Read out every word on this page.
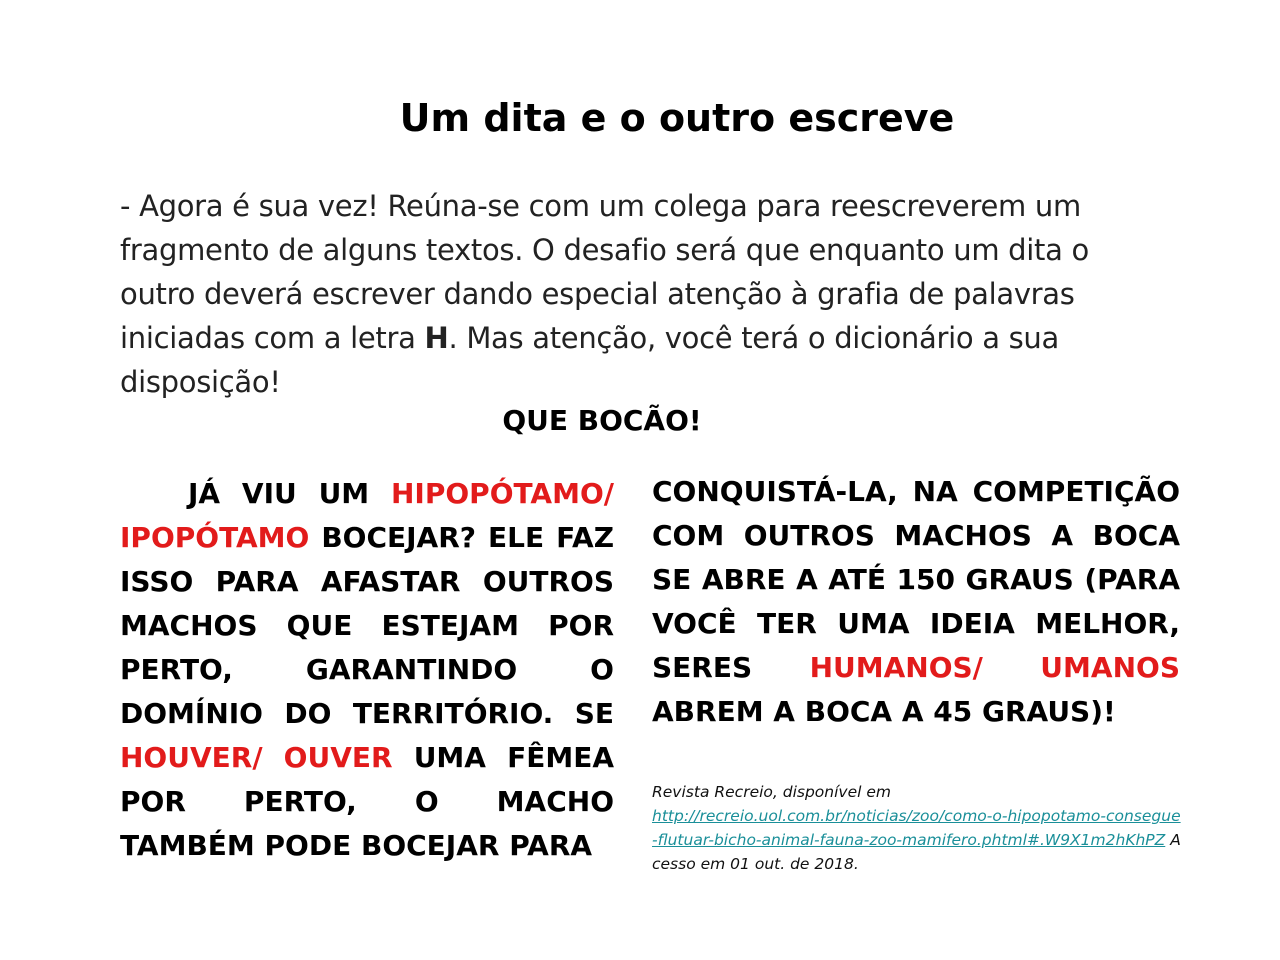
Um dita e o outro escreve
- Agora é sua vez! Reúna-se com um colega para reescreverem um fragmento de alguns textos. O desafio será que enquanto um dita o outro deverá escrever dando especial atenção à grafia de palavras iniciadas com a letra H. Mas atenção, você terá o dicionário a sua disposição!
QUE BOCÃO!
JÁ VIU UM HIPOPÓTAMO/
IPOPÓTAMO BOCEJAR? ELE FAZ
ISSO PARA AFASTAR OUTROS
MACHOS QUE ESTEJAM POR
PERTO, GARANTINDO O
DOMÍNIO DO TERRITÓRIO. SE
HOUVER/ OUVER UMA FÊMEA
POR PERTO, O MACHO
TAMBÉM PODE BOCEJAR PARA
CONQUISTÁ-LA, NA COMPETIÇÃO
COM OUTROS MACHOS A BOCA
SE ABRE A ATÉ 150 GRAUS (PARA
VOCÊ TER UMA IDEIA MELHOR,
SERES HUMANOS/ UMANOS
ABREM A BOCA A 45 GRAUS)!
Revista Recreio, disponível em
http://recreio.uol.com.br/noticias/zoo/como-o-hipopotamo-consegue-flutuar-bicho-animal-fauna-zoo-mamifero.phtml#.W9X1m2hKhPZ Acesso em 01 out. de 2018.
